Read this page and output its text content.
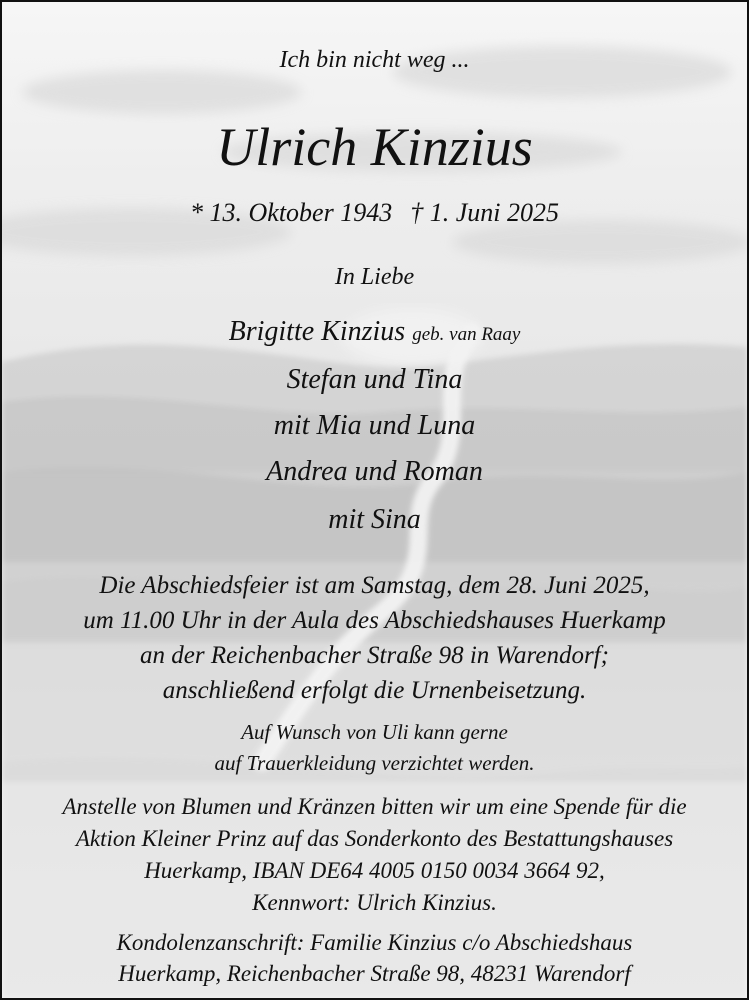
Ich bin nicht weg ...
Ulrich Kinzius
* 13. Oktober 1943 † 1. Juni 2025
In Liebe
Brigitte Kinzius geb. van Raay
Stefan und Tina
mit Mia und Luna
Andrea und Roman
mit Sina
Die Abschiedsfeier ist am Samstag, dem 28. Juni 2025,
um 11.00 Uhr in der Aula des Abschiedshauses Huerkamp
an der Reichenbacher Straße 98 in Warendorf;
anschließend erfolgt die Urnenbeisetzung.
Auf Wunsch von Uli kann gerne
auf Trauerkleidung verzichtet werden.
Anstelle von Blumen und Kränzen bitten wir um eine Spende für die
Aktion Kleiner Prinz auf das Sonderkonto des Bestattungshauses
Huerkamp, IBAN DE64 4005 0150 0034 3664 92,
Kennwort: Ulrich Kinzius.
Kondolenzanschrift: Familie Kinzius c/o Abschiedshaus
Huerkamp, Reichenbacher Straße 98, 48231 Warendorf
